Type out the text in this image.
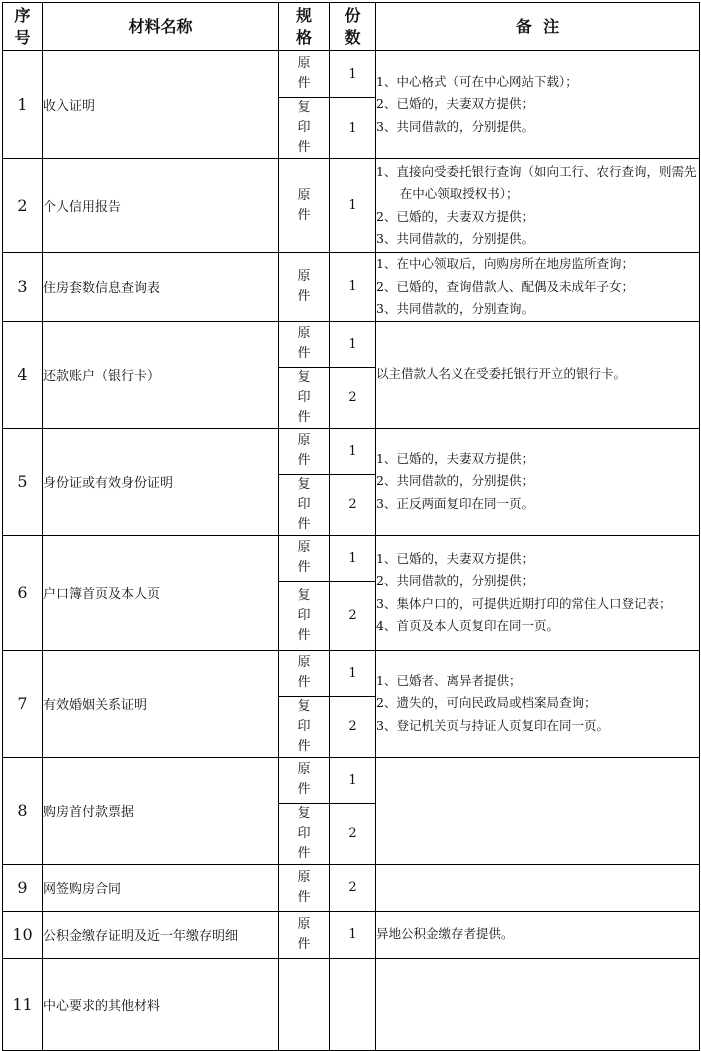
序号	材料名称	规格	份数	备  注
1	收入证明	原件	1	1、中心格式（可在中心网站下载）；
2、已婚的，夫妻双方提供；
3、共同借款的，分别提供。

		复印件	1	
2	个人信用报告	原件	1	1、直接向受委托银行查询（如向工行、农行查询，则需先在中心领取授权书）；
2、已婚的，夫妻双方提供；
3、共同借款的，分别提供。

3	住房套数信息查询表	原件	1	1、在中心领取后，向购房所在地房监所查询；
2、已婚的，查询借款人、配偶及未成年子女；
3、共同借款的，分别查询。

4	还款账户（银行卡）	原件	1	以主借款人名义在受委托银行开立的银行卡。

		复印件	2	
5	身份证或有效身份证明	原件	1	1、已婚的，夫妻双方提供；
2、共同借款的，分别提供；
3、正反两面复印在同一页。

		复印件	2	
6	户口簿首页及本人页	原件	1	1、已婚的，夫妻双方提供；
2、共同借款的，分别提供；
3、集体户口的，可提供近期打印的常住人口登记表；
4、首页及本人页复印在同一页。

		复印件	2	
7	有效婚姻关系证明	原件	1	1、已婚者、离异者提供；
2、遗失的，可向民政局或档案局查询；
3、登记机关页与持证人页复印在同一页。

		复印件	2	
8	购房首付款票据	原件	1	
		复印件	2	
9	网签购房合同	原件	2	
10	公积金缴存证明及近一年缴存明细	原件	1	异地公积金缴存者提供。

11	中心要求的其他材料			
